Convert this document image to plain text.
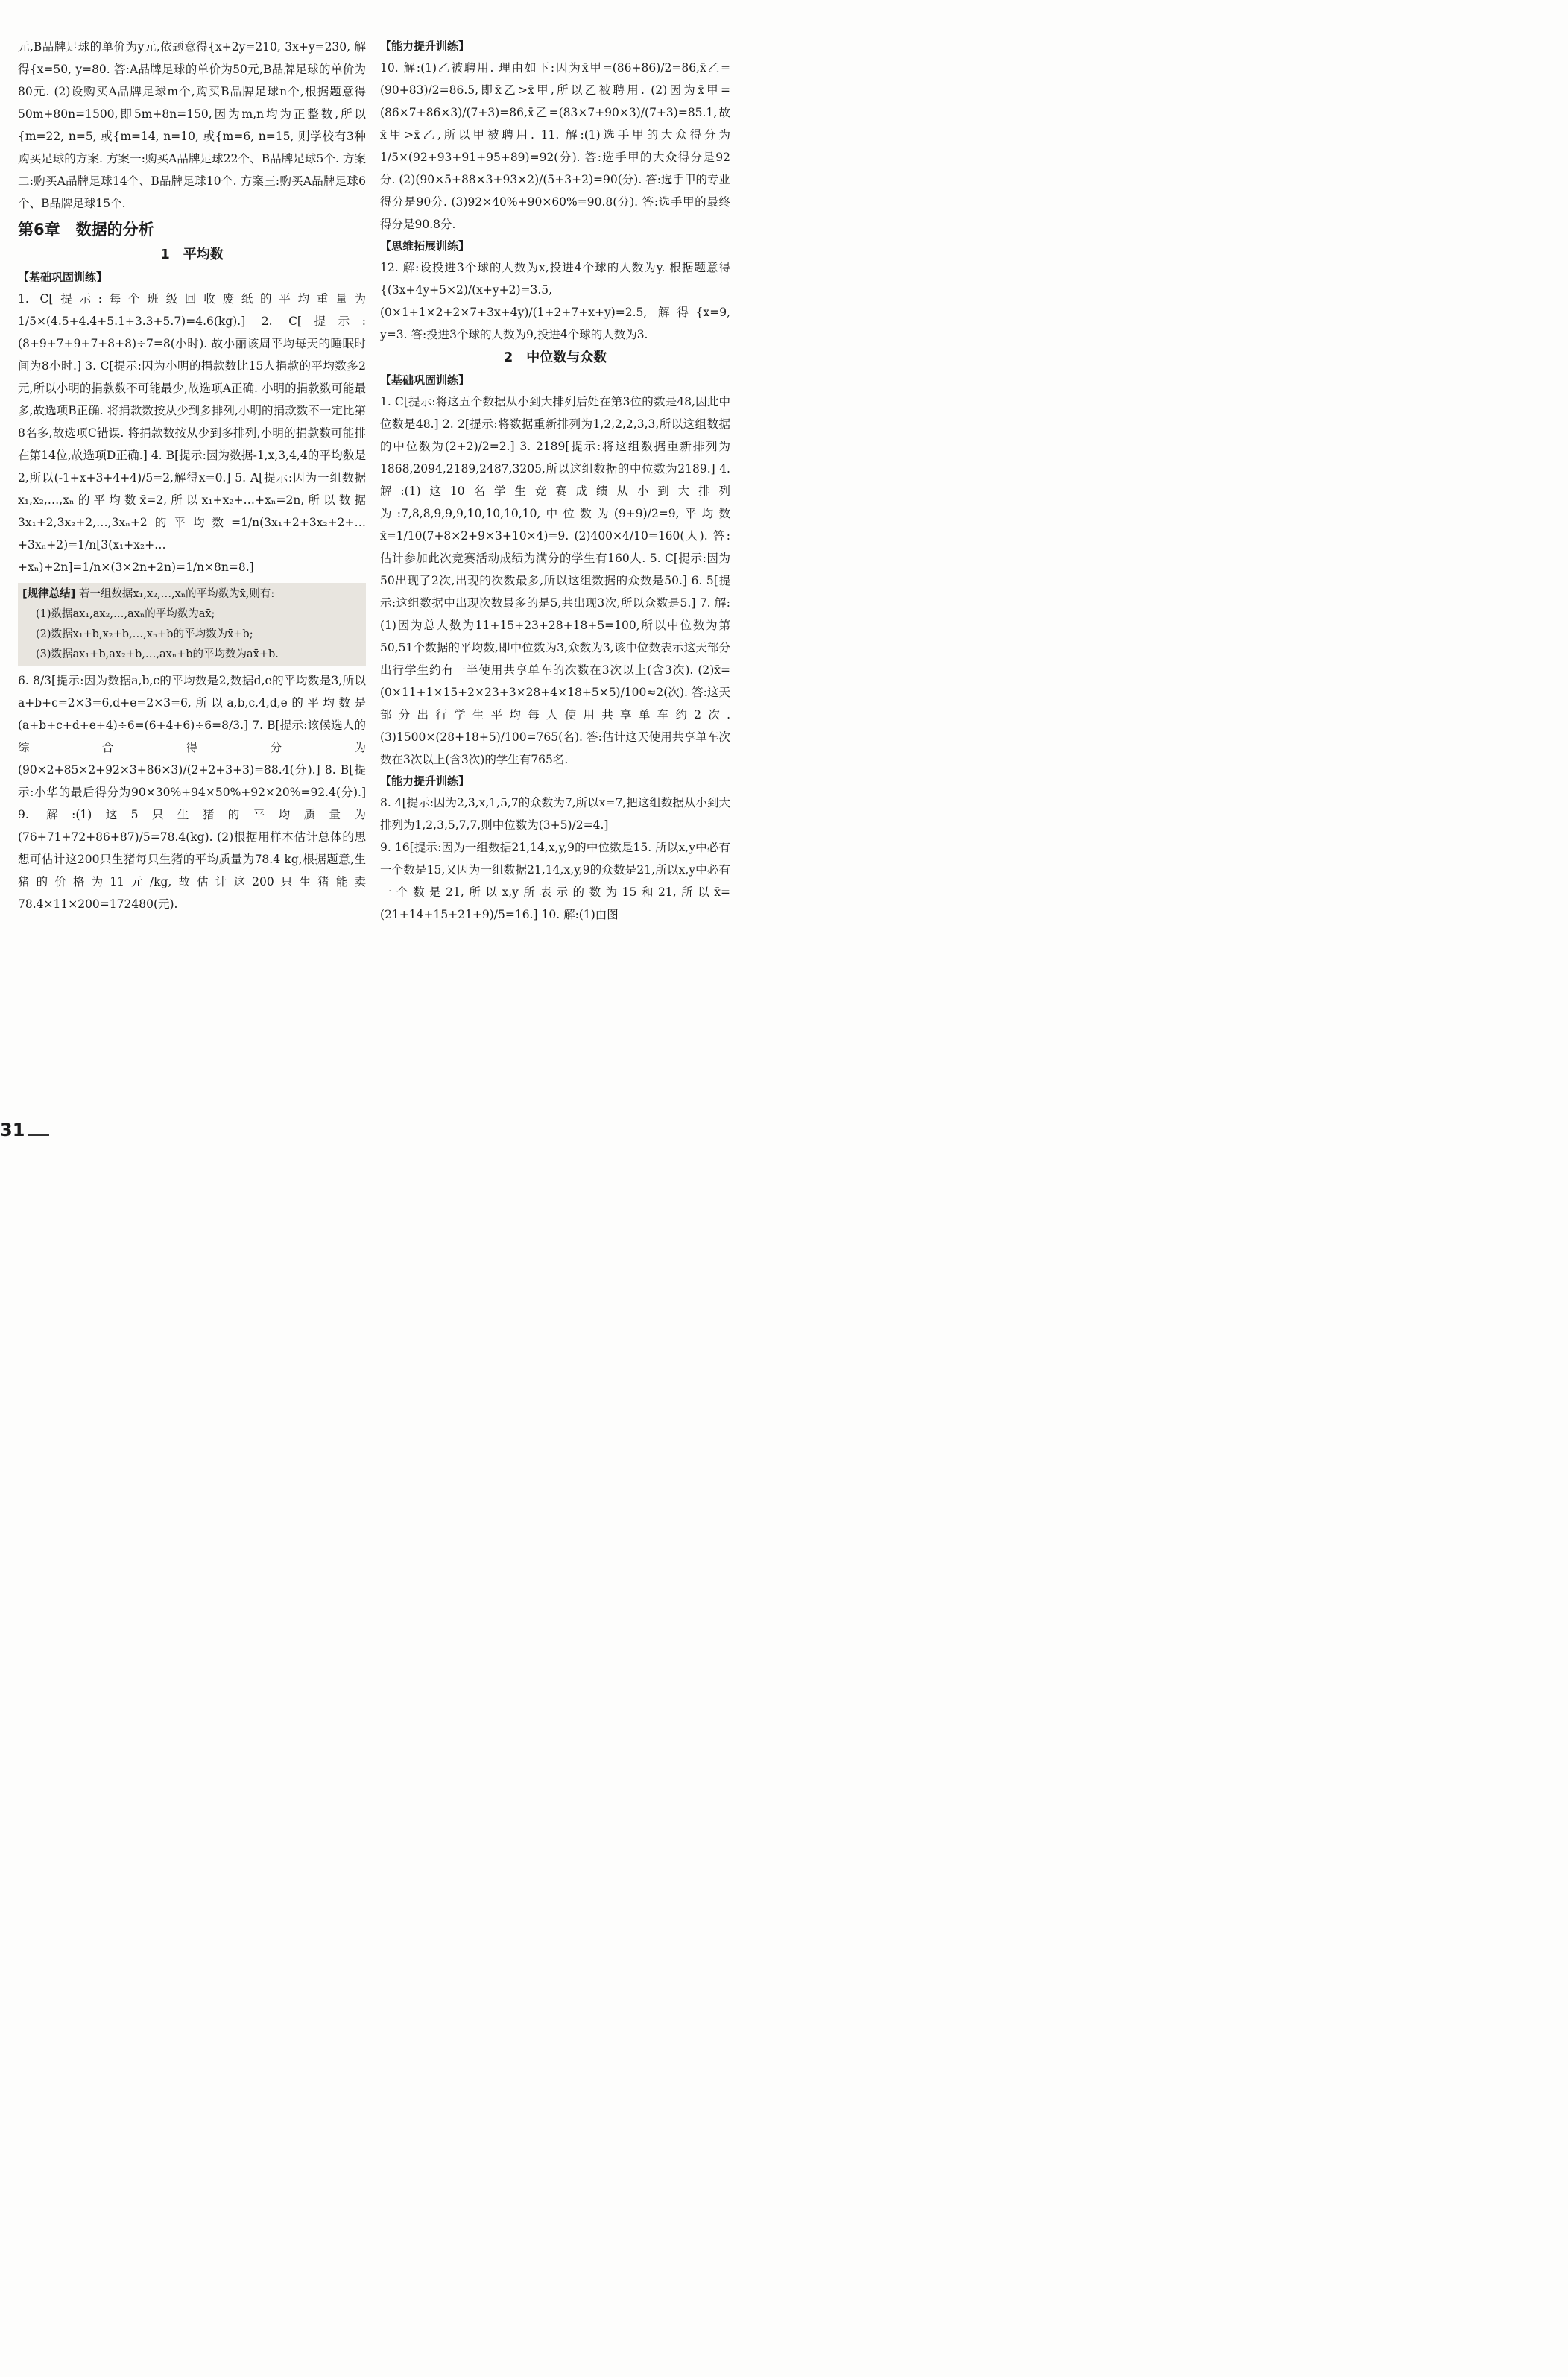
元,B品牌足球的单价为y元,依题意得{x+2y=210, 3x+y=230, 解得{x=50, y=80. 答:A品牌足球的单价为50元,B品牌足球的单价为80元. (2)设购买A品牌足球m个,购买B品牌足球n个,根据题意得50m+80n=1500,即5m+8n=150,因为m,n均为正整数,所以{m=22, n=5, 或{m=14, n=10, 或{m=6, n=15, 则学校有3种购买足球的方案. 方案一:购买A品牌足球22个、B品牌足球5个. 方案二:购买A品牌足球14个、B品牌足球10个. 方案三:购买A品牌足球6个、B品牌足球15个.

第6章　数据的分析
1　平均数
【基础巩固训练】

1. C[提示:每个班级回收废纸的平均重量为1/5×(4.5+4.4+5.1+3.3+5.7)=4.6(kg).] 2. C[提示:(8+9+7+9+7+8+8)÷7=8(小时). 故小丽该周平均每天的睡眠时间为8小时.] 3. C[提示:因为小明的捐款数比15人捐款的平均数多2元,所以小明的捐款数不可能最少,故选项A正确. 小明的捐款数可能最多,故选项B正确. 将捐款数按从少到多排列,小明的捐款数不一定比第8名多,故选项C错误. 将捐款数按从少到多排列,小明的捐款数可能排在第14位,故选项D正确.] 4. B[提示:因为数据-1,x,3,4,4的平均数是2,所以(-1+x+3+4+4)/5=2,解得x=0.] 5. A[提示:因为一组数据x₁,x₂,…,xₙ的平均数x̄=2,所以x₁+x₂+…+xₙ=2n,所以数据3x₁+2,3x₂+2,…,3xₙ+2的平均数=1/n(3x₁+2+3x₂+2+…+3xₙ+2)=1/n[3(x₁+x₂+…+xₙ)+2n]=1/n×(3×2n+2n)=1/n×8n=8.]

[规律总结] 若一组数据x₁,x₂,…,xₙ的平均数为x̄,则有:
(1)数据ax₁,ax₂,…,axₙ的平均数为ax̄;
(2)数据x₁+b,x₂+b,…,xₙ+b的平均数为x̄+b;
(3)数据ax₁+b,ax₂+b,…,axₙ+b的平均数为ax̄+b.

6. 8/3[提示:因为数据a,b,c的平均数是2,数据d,e的平均数是3,所以a+b+c=2×3=6,d+e=2×3=6,所以a,b,c,4,d,e的平均数是(a+b+c+d+e+4)÷6=(6+4+6)÷6=8/3.] 7. B[提示:该候选人的综合得分为(90×2+85×2+92×3+86×3)/(2+2+3+3)=88.4(分).] 8. B[提示:小华的最后得分为90×30%+94×50%+92×20%=92.4(分).] 9. 解:(1)这5只生猪的平均质量为(76+71+72+86+87)/5=78.4(kg). (2)根据用样本估计总体的思想可估计这200只生猪每只生猪的平均质量为78.4 kg,根据题意,生猪的价格为11元/kg,故估计这200只生猪能卖78.4×11×200=172480(元).

【能力提升训练】

10. 解:(1)乙被聘用. 理由如下:因为x̄甲=(86+86)/2=86,x̄乙=(90+83)/2=86.5,即x̄乙>x̄甲,所以乙被聘用. (2)因为x̄甲=(86×7+86×3)/(7+3)=86,x̄乙=(83×7+90×3)/(7+3)=85.1,故x̄甲>x̄乙,所以甲被聘用. 11. 解:(1)选手甲的大众得分为1/5×(92+93+91+95+89)=92(分). 答:选手甲的大众得分是92分. (2)(90×5+88×3+93×2)/(5+3+2)=90(分). 答:选手甲的专业得分是90分. (3)92×40%+90×60%=90.8(分). 答:选手甲的最终得分是90.8分.

【思维拓展训练】

12. 解:设投进3个球的人数为x,投进4个球的人数为y. 根据题意得{(3x+4y+5×2)/(x+y+2)=3.5, (0×1+1×2+2×7+3x+4y)/(1+2+7+x+y)=2.5, 解得{x=9, y=3. 答:投进3个球的人数为9,投进4个球的人数为3.

2　中位数与众数
【基础巩固训练】

1. C[提示:将这五个数据从小到大排列后处在第3位的数是48,因此中位数是48.] 2. 2[提示:将数据重新排列为1,2,2,2,3,3,所以这组数据的中位数为(2+2)/2=2.] 3. 2189[提示:将这组数据重新排列为1868,2094,2189,2487,3205,所以这组数据的中位数为2189.] 4. 解:(1)这10名学生竞赛成绩从小到大排列为:7,8,8,9,9,9,10,10,10,10,中位数为(9+9)/2=9,平均数x̄=1/10(7+8×2+9×3+10×4)=9. (2)400×4/10=160(人). 答:估计参加此次竞赛活动成绩为满分的学生有160人. 5. C[提示:因为50出现了2次,出现的次数最多,所以这组数据的众数是50.] 6. 5[提示:这组数据中出现次数最多的是5,共出现3次,所以众数是5.] 7. 解:(1)因为总人数为11+15+23+28+18+5=100,所以中位数为第50,51个数据的平均数,即中位数为3,众数为3,该中位数表示这天部分出行学生约有一半使用共享单车的次数在3次以上(含3次). (2)x̄=(0×11+1×15+2×23+3×28+4×18+5×5)/100≈2(次). 答:这天部分出行学生平均每人使用共享单车约2次. (3)1500×(28+18+5)/100=765(名). 答:估计这天使用共享单车次数在3次以上(含3次)的学生有765名.

【能力提升训练】

8. 4[提示:因为2,3,x,1,5,7的众数为7,所以x=7,把这组数据从小到大排列为1,2,3,5,7,7,则中位数为(3+5)/2=4.]

9. 16[提示:因为一组数据21,14,x,y,9的中位数是15. 所以x,y中必有一个数是15,又因为一组数据21,14,x,y,9的众数是21,所以x,y中必有一个数是21,所以x,y所表示的数为15和21,所以x̄=(21+14+15+21+9)/5=16.] 10. 解:(1)由图

31
